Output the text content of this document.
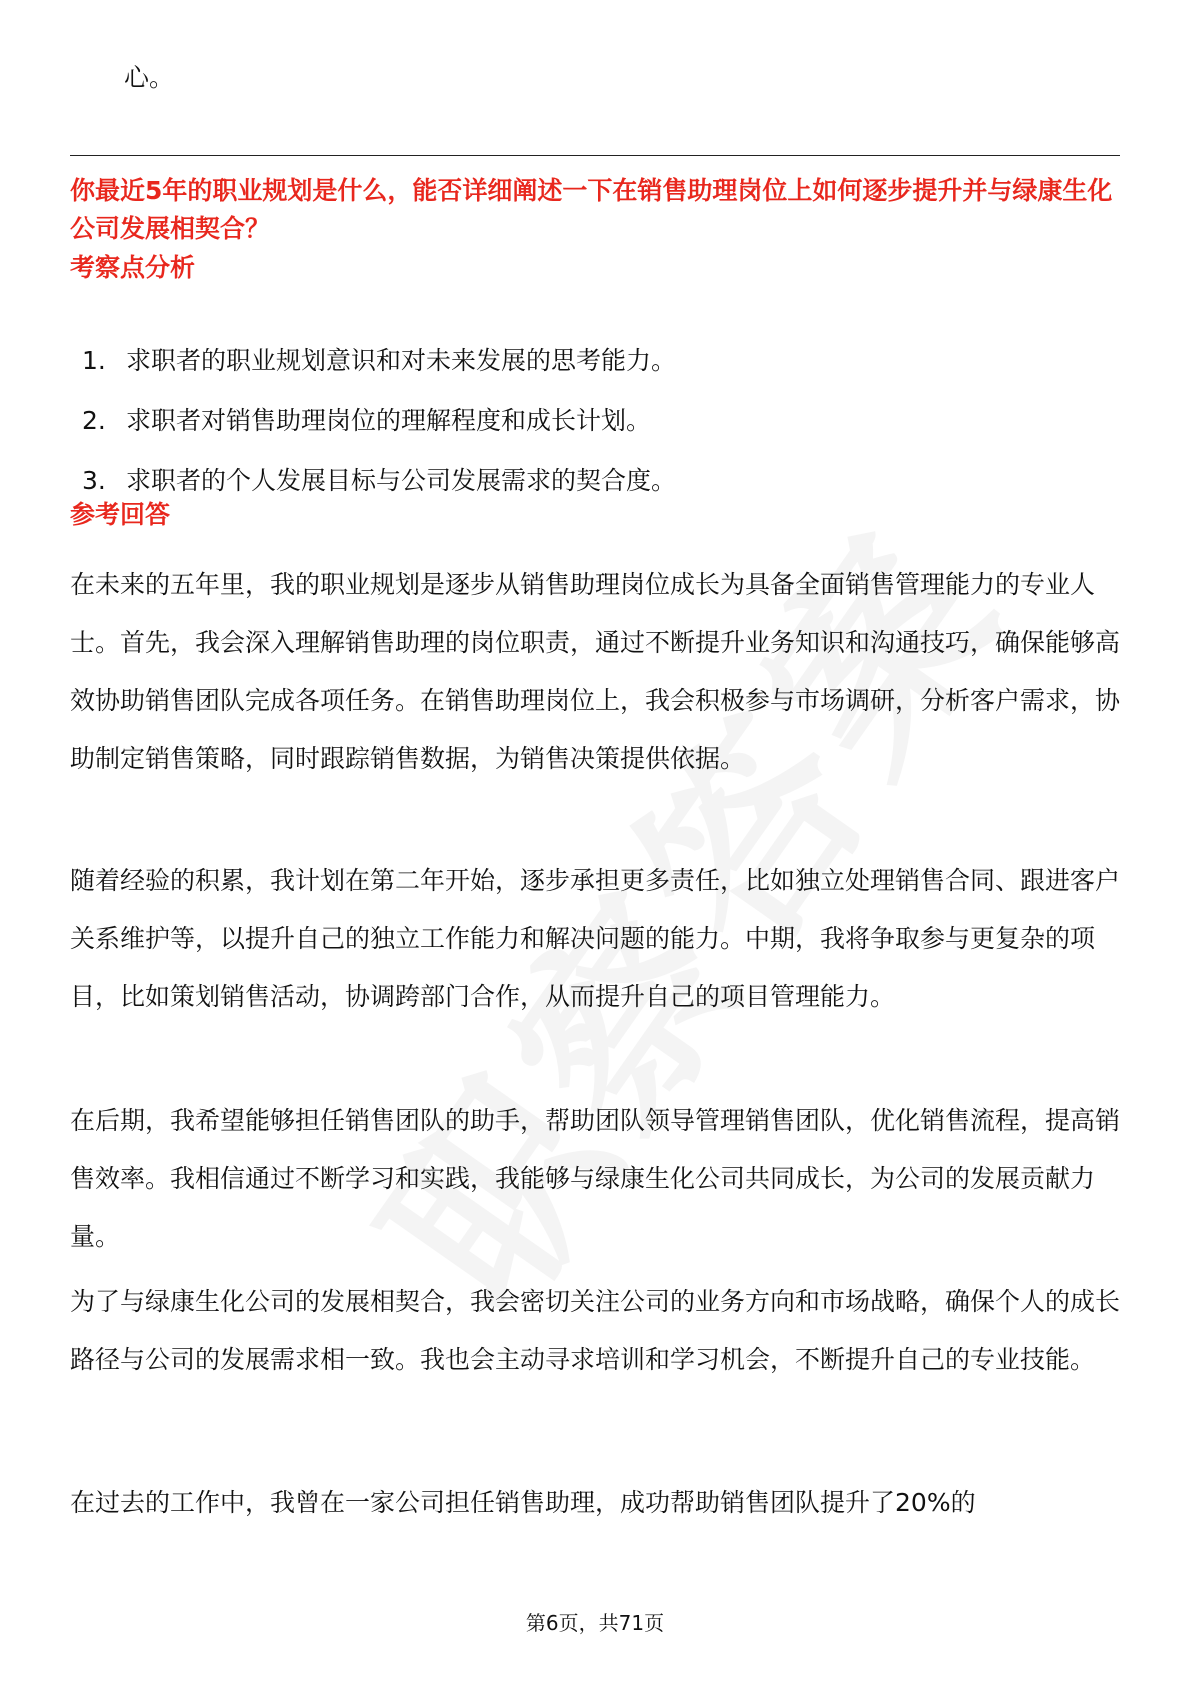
心。
你最近5年的职业规划是什么，能否详细阐述一下在销售助理岗位上如何逐步提升并与绿康生化公司发展相契合？
考察点分析
1. 求职者的职业规划意识和对未来发展的思考能力。
2. 求职者对销售助理岗位的理解程度和成长计划。
3. 求职者的个人发展目标与公司发展需求的契合度。
参考回答

在未来的五年里，我的职业规划是逐步从销售助理岗位成长为具备全面销售管理能力的专业人士。首先，我会深入理解销售助理的岗位职责，通过不断提升业务知识和沟通技巧，确保能够高效协助销售团队完成各项任务。在销售助理岗位上，我会积极参与市场调研，分析客户需求，协助制定销售策略，同时跟踪销售数据，为销售决策提供依据。

随着经验的积累，我计划在第二年开始，逐步承担更多责任，比如独立处理销售合同、跟进客户关系维护等，以提升自己的独立工作能力和解决问题的能力。中期，我将争取参与更复杂的项目，比如策划销售活动，协调跨部门合作，从而提升自己的项目管理能力。

在后期，我希望能够担任销售团队的助手，帮助团队领导管理销售团队，优化销售流程，提高销售效率。我相信通过不断学习和实践，我能够与绿康生化公司共同成长，为公司的发展贡献力量。

为了与绿康生化公司的发展相契合，我会密切关注公司的业务方向和市场战略，确保个人的成长路径与公司的发展需求相一致。我也会主动寻求培训和学习机会，不断提升自己的专业技能。

在过去的工作中，我曾在一家公司担任销售助理，成功帮助销售团队提升了20%的

第6页，共71页
